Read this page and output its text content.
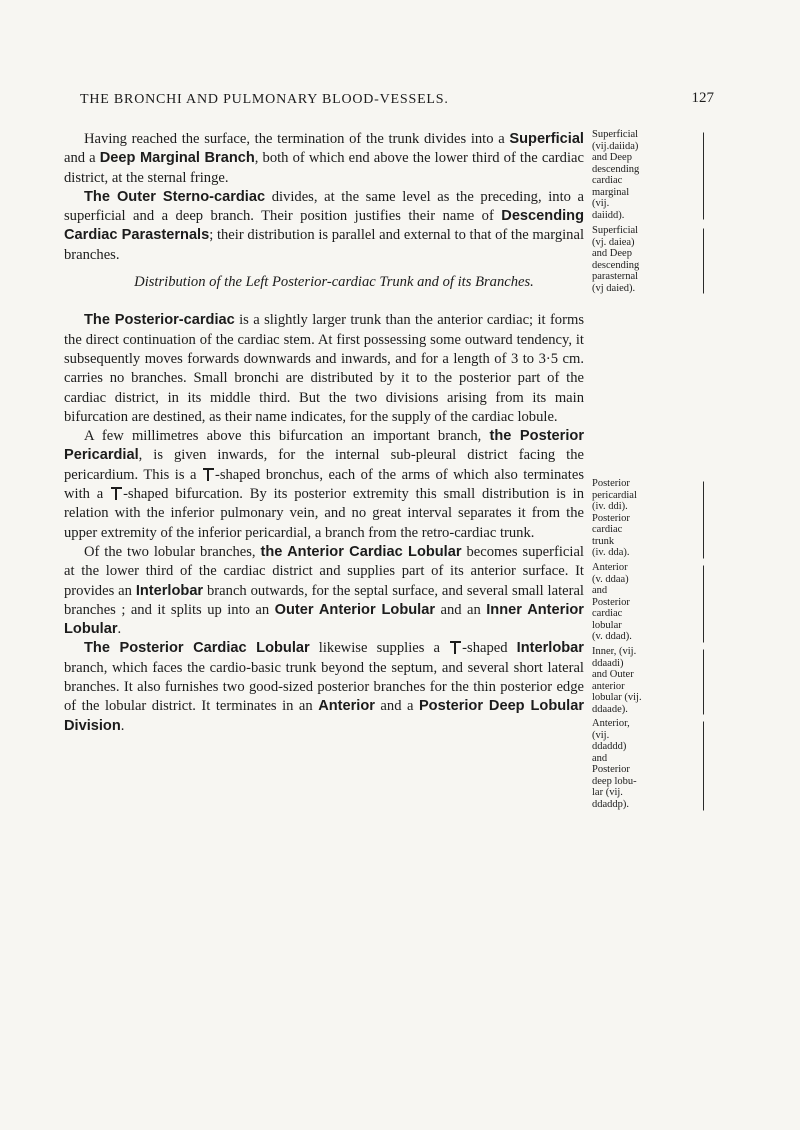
THE BRONCHI AND PULMONARY BLOOD-VESSELS.	127

Having reached the surface, the termination of the trunk divides into a Superficial and a Deep Marginal Branch, both of which end above the lower third of the cardiac district, at the sternal fringe.

The Outer Sterno-cardiac divides, at the same level as the preceding, into a superficial and a deep branch. Their position justifies their name of Descending Cardiac Parasternals; their distribution is parallel and external to that of the marginal branches.

Distribution of the Left Posterior-cardiac Trunk and of its Branches.

The Posterior-cardiac is a slightly larger trunk than the anterior cardiac; it forms the direct continuation of the cardiac stem. At first possessing some outward tendency, it subsequently moves forwards downwards and inwards, and for a length of 3 to 3·5 cm. carries no branches. Small bronchi are distributed by it to the posterior part of the cardiac district, in its middle third. But the two divisions arising from its main bifurcation are destined, as their name indicates, for the supply of the cardiac lobule.

A few millimetres above this bifurcation an important branch, the Posterior Pericardial, is given inwards, for the internal sub-pleural district facing the pericardium. This is a -shaped bronchus, each of the arms of which also terminates with a -shaped bifurcation. By its posterior extremity this small distribution is in relation with the inferior pulmonary vein, and no great interval separates it from the upper extremity of the inferior pericardial, a branch from the retro-cardiac trunk.

Of the two lobular branches, the Anterior Cardiac Lobular becomes superficial at the lower third of the cardiac district and supplies part of its anterior surface. It provides an Interlobar branch outwards, for the septal surface, and several small lateral branches ; and it splits up into an Outer Anterior Lobular and an Inner Anterior Lobular.

The Posterior Cardiac Lobular likewise supplies a -shaped Interlobar branch, which faces the cardio-basic trunk beyond the septum, and several short lateral branches. It also furnishes two good-sized posterior branches for the thin posterior edge of the lobular district. It terminates in an Anterior and a Posterior Deep Lobular Division.

Superficial
(vij.daiida)
and Deep
descending
cardiac
marginal
(vij.
daiidd).
Superficial
(vj. daiea)
and Deep
descending
parasternal
(vj daied).
Posterior
pericardial
(iv. ddi).
Posterior
cardiac
trunk
(iv. dda).
Anterior
(v. ddaa)
and
Posterior
cardiac
lobular
(v. ddad).
Inner, (vij.
ddaadi)
and Outer
anterior
lobular (vij.
ddaade).
Anterior,
(vij.
ddaddd)
and
Posterior
deep lobu-
lar (vij.
ddaddp).
